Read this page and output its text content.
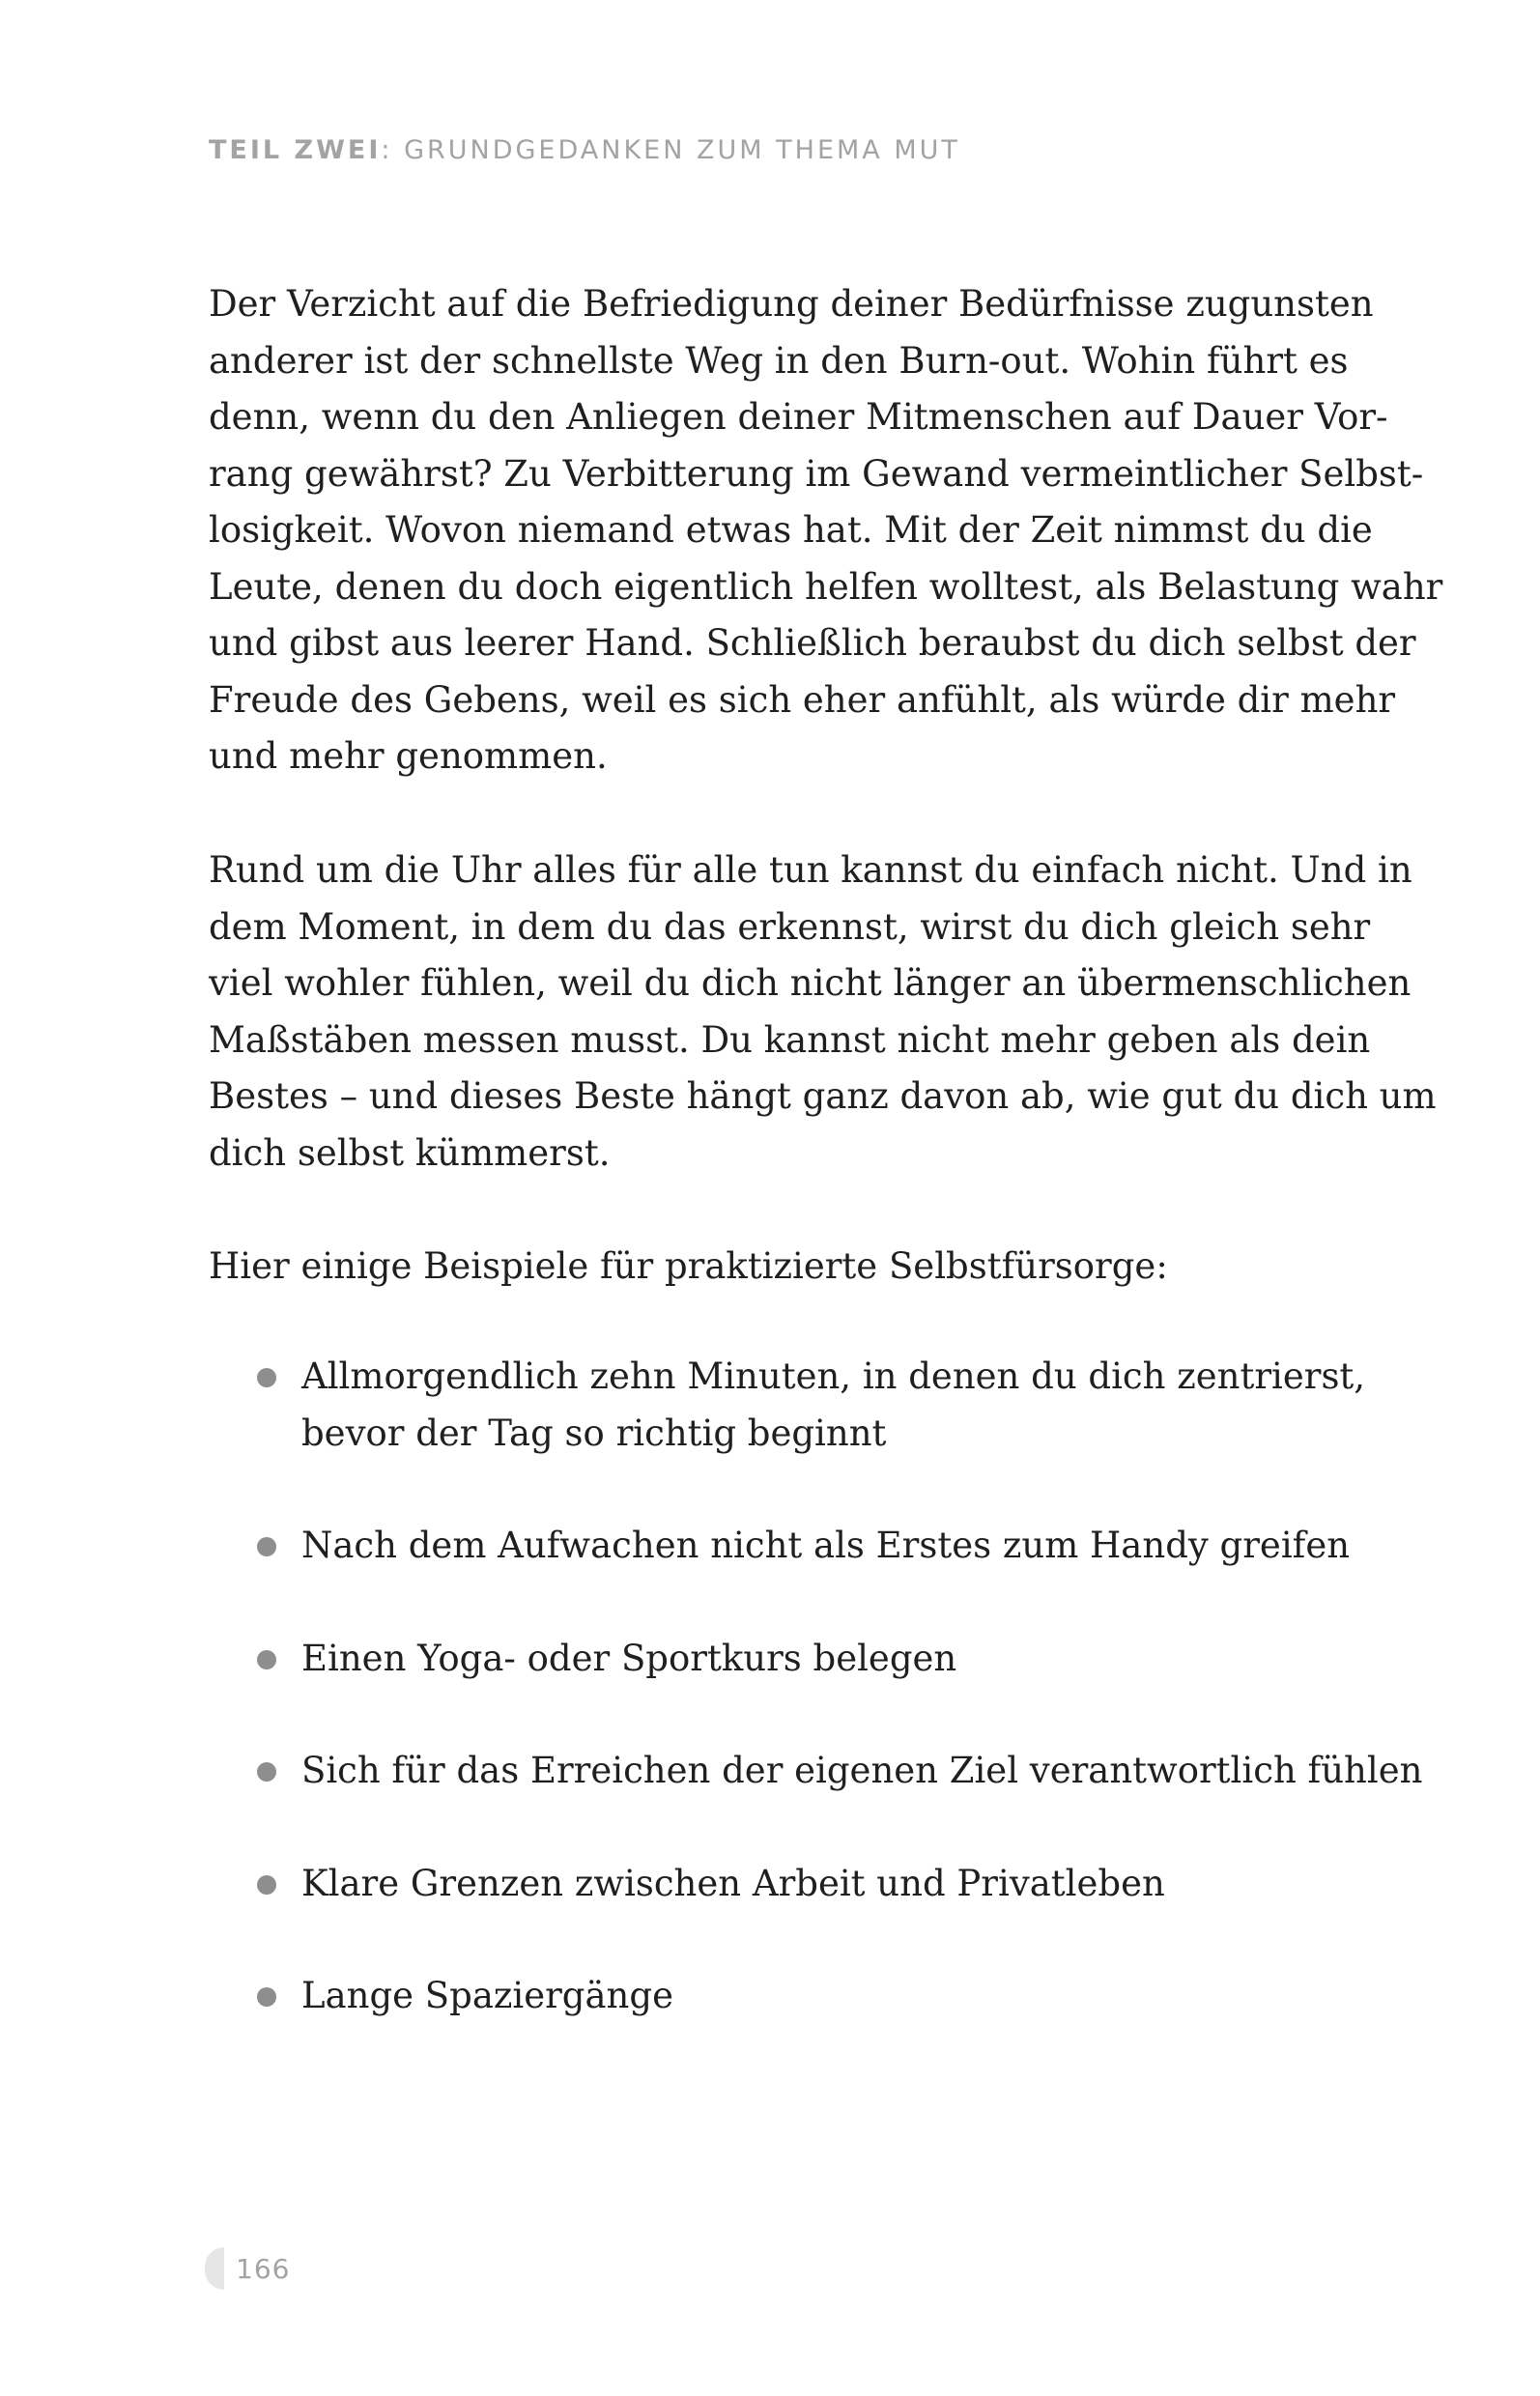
TEIL ZWEI: GRUNDGEDANKEN ZUM THEMA MUT

Der Verzicht auf die Befriedigung deiner Bedürfnisse zugunsten
anderer ist der schnellste Weg in den Burn-out. Wohin führt es
denn, wenn du den Anliegen deiner Mitmenschen auf Dauer Vor-
rang gewährst? Zu Verbitterung im Gewand vermeintlicher Selbst-
losigkeit. Wovon niemand etwas hat. Mit der Zeit nimmst du die
Leute, denen du doch eigentlich helfen wolltest, als Belastung wahr
und gibst aus leerer Hand. Schließlich beraubst du dich selbst der
Freude des Gebens, weil es sich eher anfühlt, als würde dir mehr
und mehr genommen.

Rund um die Uhr alles für alle tun kannst du einfach nicht. Und in
dem Moment, in dem du das erkennst, wirst du dich gleich sehr
viel wohler fühlen, weil du dich nicht länger an übermenschlichen
Maßstäben messen musst. Du kannst nicht mehr geben als dein
Bestes – und dieses Beste hängt ganz davon ab, wie gut du dich um
dich selbst kümmerst.

Hier einige Beispiele für praktizierte Selbstfürsorge:

Allmorgendlich zehn Minuten, in denen du dich zentrierst,
bevor der Tag so richtig beginnt
Nach dem Aufwachen nicht als Erstes zum Handy greifen
Einen Yoga- oder Sportkurs belegen
Sich für das Erreichen der eigenen Ziel verantwortlich fühlen
Klare Grenzen zwischen Arbeit und Privatleben
Lange Spaziergänge
166
